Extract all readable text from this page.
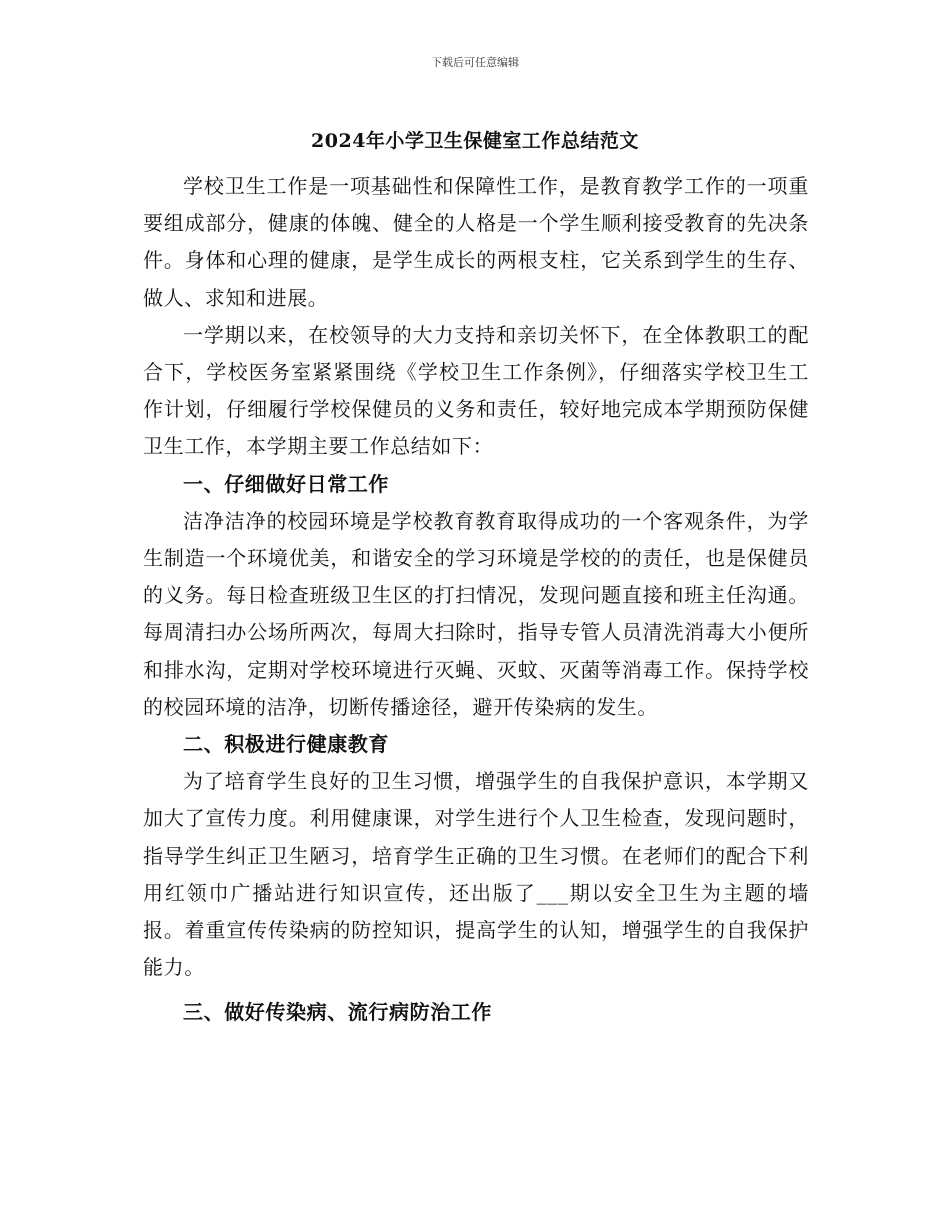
下载后可任意编辑
2024年小学卫生保健室工作总结范文

学校卫生工作是一项基础性和保障性工作，是教育教学工作的一项重要组成部分，健康的体魄、健全的人格是一个学生顺利接受教育的先决条件。身体和心理的健康，是学生成长的两根支柱，它关系到学生的生存、做人、求知和进展。

一学期以来，在校领导的大力支持和亲切关怀下，在全体教职工的配合下，学校医务室紧紧围绕《学校卫生工作条例》，仔细落实学校卫生工作计划，仔细履行学校保健员的义务和责任，较好地完成本学期预防保健卫生工作，本学期主要工作总结如下：

一、仔细做好日常工作

洁净洁净的校园环境是学校教育教育取得成功的一个客观条件，为学生制造一个环境优美，和谐安全的学习环境是学校的的责任，也是保健员的义务。每日检查班级卫生区的打扫情况，发现问题直接和班主任沟通。每周清扫办公场所两次，每周大扫除时，指导专管人员清洗消毒大小便所和排水沟，定期对学校环境进行灭蝇、灭蚊、灭菌等消毒工作。保持学校的校园环境的洁净，切断传播途径，避开传染病的发生。

二、积极进行健康教育

为了培育学生良好的卫生习惯，增强学生的自我保护意识，本学期又加大了宣传力度。利用健康课，对学生进行个人卫生检查，发现问题时，指导学生纠正卫生陋习，培育学生正确的卫生习惯。在老师们的配合下利用红领巾广播站进行知识宣传，还出版了___期以安全卫生为主题的墙报。着重宣传传染病的防控知识，提高学生的认知，增强学生的自我保护能力。

三、做好传染病、流行病防治工作
